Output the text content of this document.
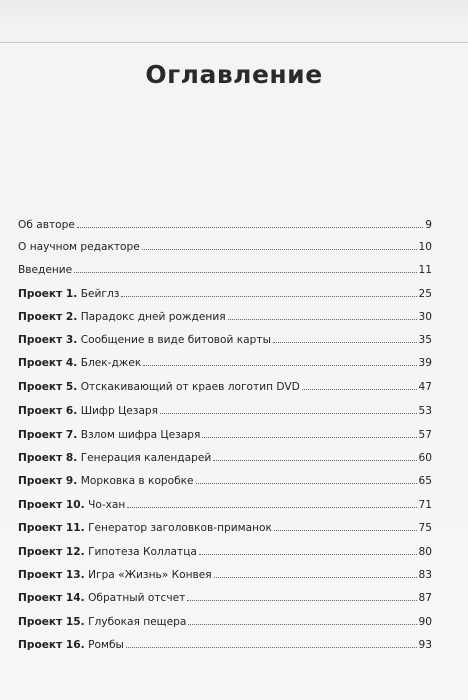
Оглавление
Об авторе	9
О научном редакторе	10
Введение	11
Проект 1. Бейглз	25
Проект 2. Парадокс дней рождения	30
Проект 3. Сообщение в виде битовой карты	35
Проект 4. Блек-джек	39
Проект 5. Отскакивающий от краев логотип DVD	47
Проект 6. Шифр Цезаря	53
Проект 7. Взлом шифра Цезаря	57
Проект 8. Генерация календарей	60
Проект 9. Морковка в коробке	65
Проект 10. Чо-хан	71
Проект 11. Генератор заголовков-приманок	75
Проект 12. Гипотеза Коллатца	80
Проект 13. Игра «Жизнь» Конвея	83
Проект 14. Обратный отсчет	87
Проект 15. Глубокая пещера	90
Проект 16. Ромбы	93
